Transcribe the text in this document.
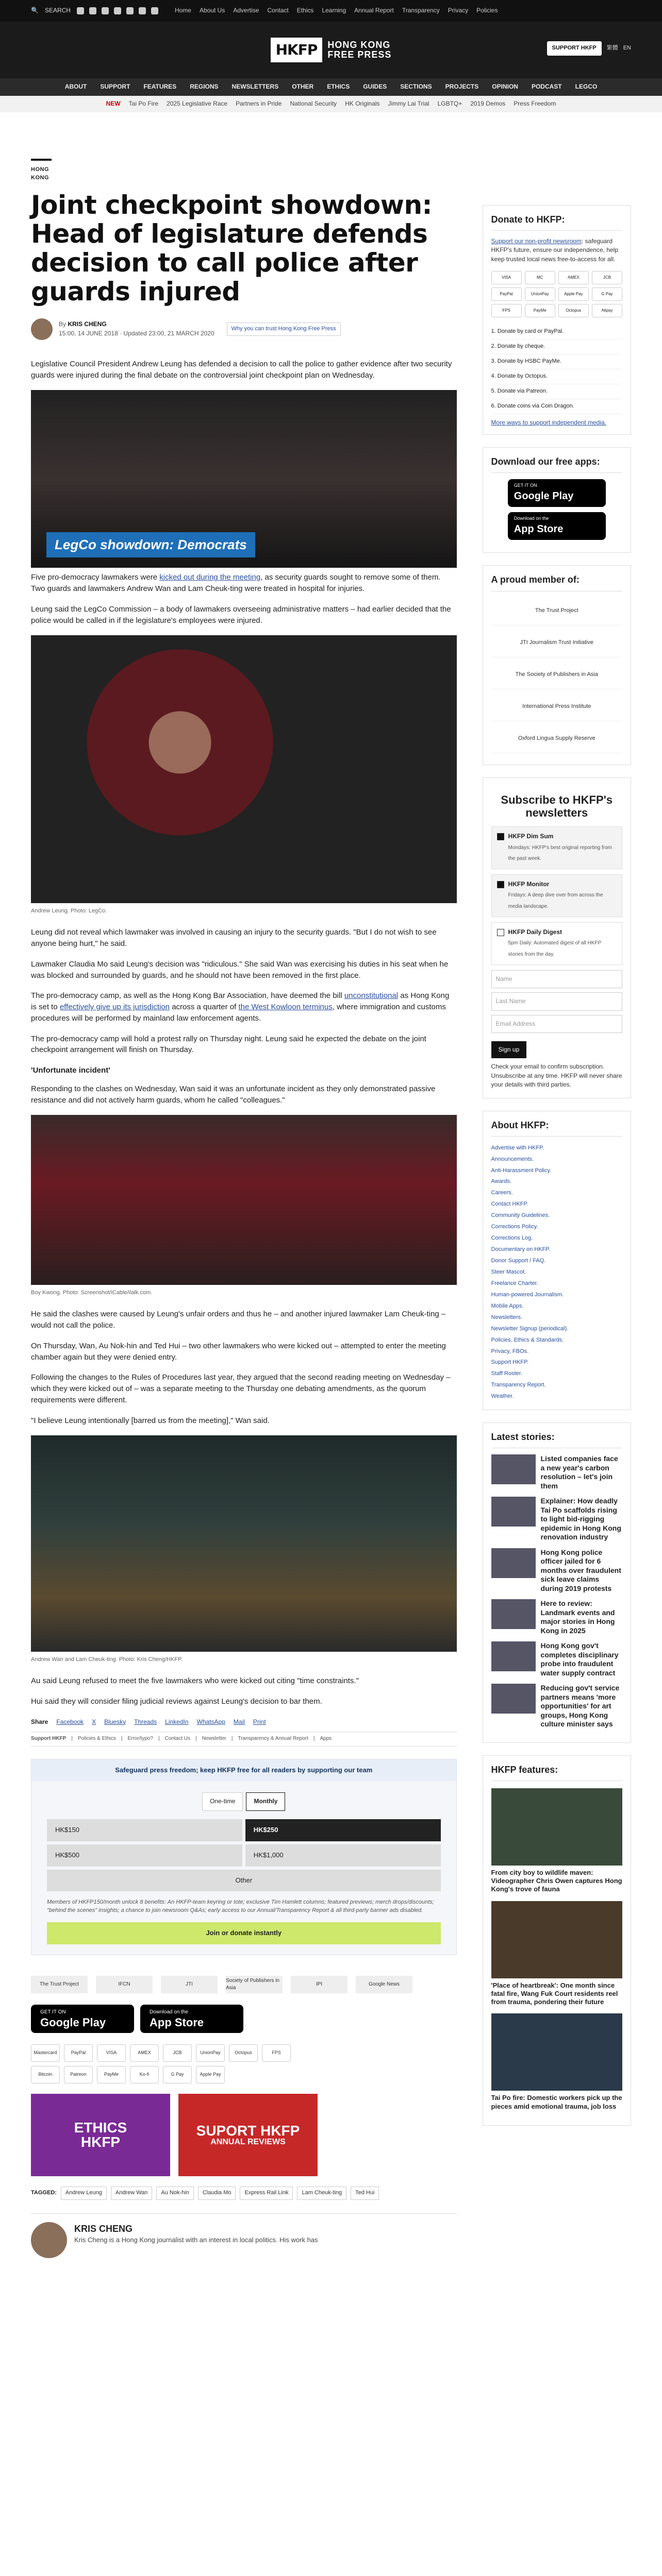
🔍 SEARCH	Home About Us Advertise Contact Ethics Learning Annual Report Transparency Privacy Policies
HKFP	HONG KONG
FREE PRESS
SUPPORT HKFP	繁體 EN
ABOUT SUPPORT FEATURES REGIONS NEWSLETTERS OTHER ETHICS GUIDES SECTIONS PROJECTS OPINION PODCAST LEGCO
NEW Tai Po Fire 2025 Legislative Race Partners in Pride National Security HK Originals Jimmy Lai Trial LGBTQ+ 2019 Demos Press Freedom
HONG KONG
Joint checkpoint showdown: Head of legislature defends decision to call police after guards injured
By KRIS CHENG
15:00, 14 JUNE 2018 · Updated 23:00, 21 MARCH 2020
Why you can trust Hong Kong Free Press

Legislative Council President Andrew Leung has defended a decision to call the police to gather evidence after two security guards were injured during the final debate on the controversial joint checkpoint plan on Wednesday.

LegCo showdown: Democrats

Five pro-democracy lawmakers were kicked out during the meeting, as security guards sought to remove some of them. Two guards and lawmakers Andrew Wan and Lam Cheuk-ting were treated in hospital for injuries.

Leung said the LegCo Commission – a body of lawmakers overseeing administrative matters – had earlier decided that the police would be called in if the legislature's employees were injured.

Andrew Leung. Photo: LegCo.

Leung did not reveal which lawmaker was involved in causing an injury to the security guards. "But I do not wish to see anyone being hurt," he said.

Lawmaker Claudia Mo said Leung's decision was "ridiculous." She said Wan was exercising his duties in his seat when he was blocked and surrounded by guards, and he should not have been removed in the first place.

The pro-democracy camp, as well as the Hong Kong Bar Association, have deemed the bill unconstitutional as Hong Kong is set to effectively give up its jurisdiction across a quarter of the West Kowloon terminus, where immigration and customs procedures will be performed by mainland law enforcement agents.

The pro-democracy camp will hold a protest rally on Thursday night. Leung said he expected the debate on the joint checkpoint arrangement will finish on Thursday.

'Unfortunate incident'

Responding to the clashes on Wednesday, Wan said it was an unfortunate incident as they only demonstrated passive resistance and did not actively harm guards, whom he called "colleagues."

Boy Kwong. Photo: Screenshot/iCable/ilalk.com.

He said the clashes were caused by Leung's unfair orders and thus he – and another injured lawmaker Lam Cheuk-ting – would not call the police.

On Thursday, Wan, Au Nok-hin and Ted Hui – two other lawmakers who were kicked out – attempted to enter the meeting chamber again but they were denied entry.

Following the changes to the Rules of Procedures last year, they argued that the second reading meeting on Wednesday – which they were kicked out of – was a separate meeting to the Thursday one debating amendments, as the quorum requirements were different.

"I believe Leung intentionally [barred us from the meeting]," Wan said.

Andrew Wan and Lam Cheuk-ting. Photo: Kris Cheng/HKFP.

Au said Leung refused to meet the five lawmakers who were kicked out citing "time constraints."

Hui said they will consider filing judicial reviews against Leung's decision to bar them.

Share Facebook X Bluesky Threads LinkedIn WhatsApp Mail Print
Support HKFP | Policies & Ethics | Error/typo? | Contact Us | Newsletter | Transparency & Annual Report | Apps
Safeguard press freedom; keep HKFP free for all readers by supporting our team
One-time	Monthly
HK$150	HK$250
HK$500	HK$1,000
Other
Members of HKFP150/month unlock 8 benefits: An HKFP-team keyring or tote; exclusive Tim Hamlett columns; featured previews; merch drops/discounts; "behind the scenes" insights; a chance to join newsroom Q&As; early access to our Annual/Transparency Report & all third-party banner ads disabled.
Join or donate instantly
The Trust Project	IFCN	JTI
Society of Publishers in Asia
IPI	Google News
GET IT ON
Google Play
Download on the
App Store
Mastercard	PayPal	VISA	AMEX	JCB	UnionPay	Octopus	FPS
Bitcoin	Patreon	PayMe	Ko-fi	G Pay	Apple Pay
ETHICS
HKFP
SUPORT HKFP
ANNUAL REVIEWS
TAGGED:	Andrew Leung	Andrew Wan	Au Nok-hin	Claudia Mo	Express Rail Link	Lam Cheuk-ting	Ted Hui
KRIS CHENG
Kris Cheng is a Hong Kong journalist with an interest in local politics. His work has
Donate to HKFP:
Support our non-profit newsroom: safeguard HKFP's future, ensure our independence, help keep trusted local news free-to-access for all.
VISA	MC	AMEX	JCB
PayPal	UnionPay	Apple Pay	G Pay
FPS	PayMe	Octopus	Alipay
1. Donate by card or PayPal.
2. Donate by cheque.
3. Donate by HSBC PayMe.
4. Donate by Octopus.
5. Donate via Patreon.
6. Donate coins via Coin Dragon.
More ways to support independent media.
Download our free apps:
GET IT ON
Google Play
Download on the
App Store
A proud member of:
The Trust Project
JTI Journalism Trust Initiative
The Society of Publishers in Asia
International Press Institute
Oxford Lingua Supply Reserve
Subscribe to HKFP's newsletters
HKFP Dim Sum
Mondays: HKFP's best original reporting from the past week.
HKFP Monitor
Fridays: A deep dive over from across the media landscape.
HKFP Daily Digest
5pm Daily: Automated digest of all HKFP stories from the day.
Name
Last Name
Email Address
Sign up
Check your email to confirm subscription. Unsubscribe at any time. HKFP will never share your details with third parties.
About HKFP:
Advertise with HKFP.
Announcements.
Anti-Harassment Policy.
Awards.
Careers.
Contact HKFP.
Community Guidelines.
Corrections Policy.
Corrections Log.
Documentary on HKFP.
Donor Support / FAQ.
Steer Mascot.
Freelance Charter.
Human-powered Journalism.
Mobile Apps.
Newsletters.
Newsletter Signup (periodical).
Policies, Ethics & Standards.
Privacy, FBOs.
Support HKFP.
Staff Roster.
Transparency Report.
Weather.
Latest stories:
Listed companies face a new year's carbon resolution – let's join them
Explainer: How deadly Tai Po scaffolds rising to light bid-rigging epidemic in Hong Kong renovation industry
Hong Kong police officer jailed for 6 months over fraudulent sick leave claims during 2019 protests
Here to review: Landmark events and major stories in Hong Kong in 2025
Hong Kong gov't completes disciplinary probe into fraudulent water supply contract
Reducing gov't service partners means 'more opportunities' for art groups, Hong Kong culture minister says
HKFP features:
From city boy to wildlife maven: Videographer Chris Owen captures Hong Kong's trove of fauna
'Place of heartbreak': One month since fatal fire, Wang Fuk Court residents reel from trauma, pondering their future
Tai Po fire: Domestic workers pick up the pieces amid emotional trauma, job loss
